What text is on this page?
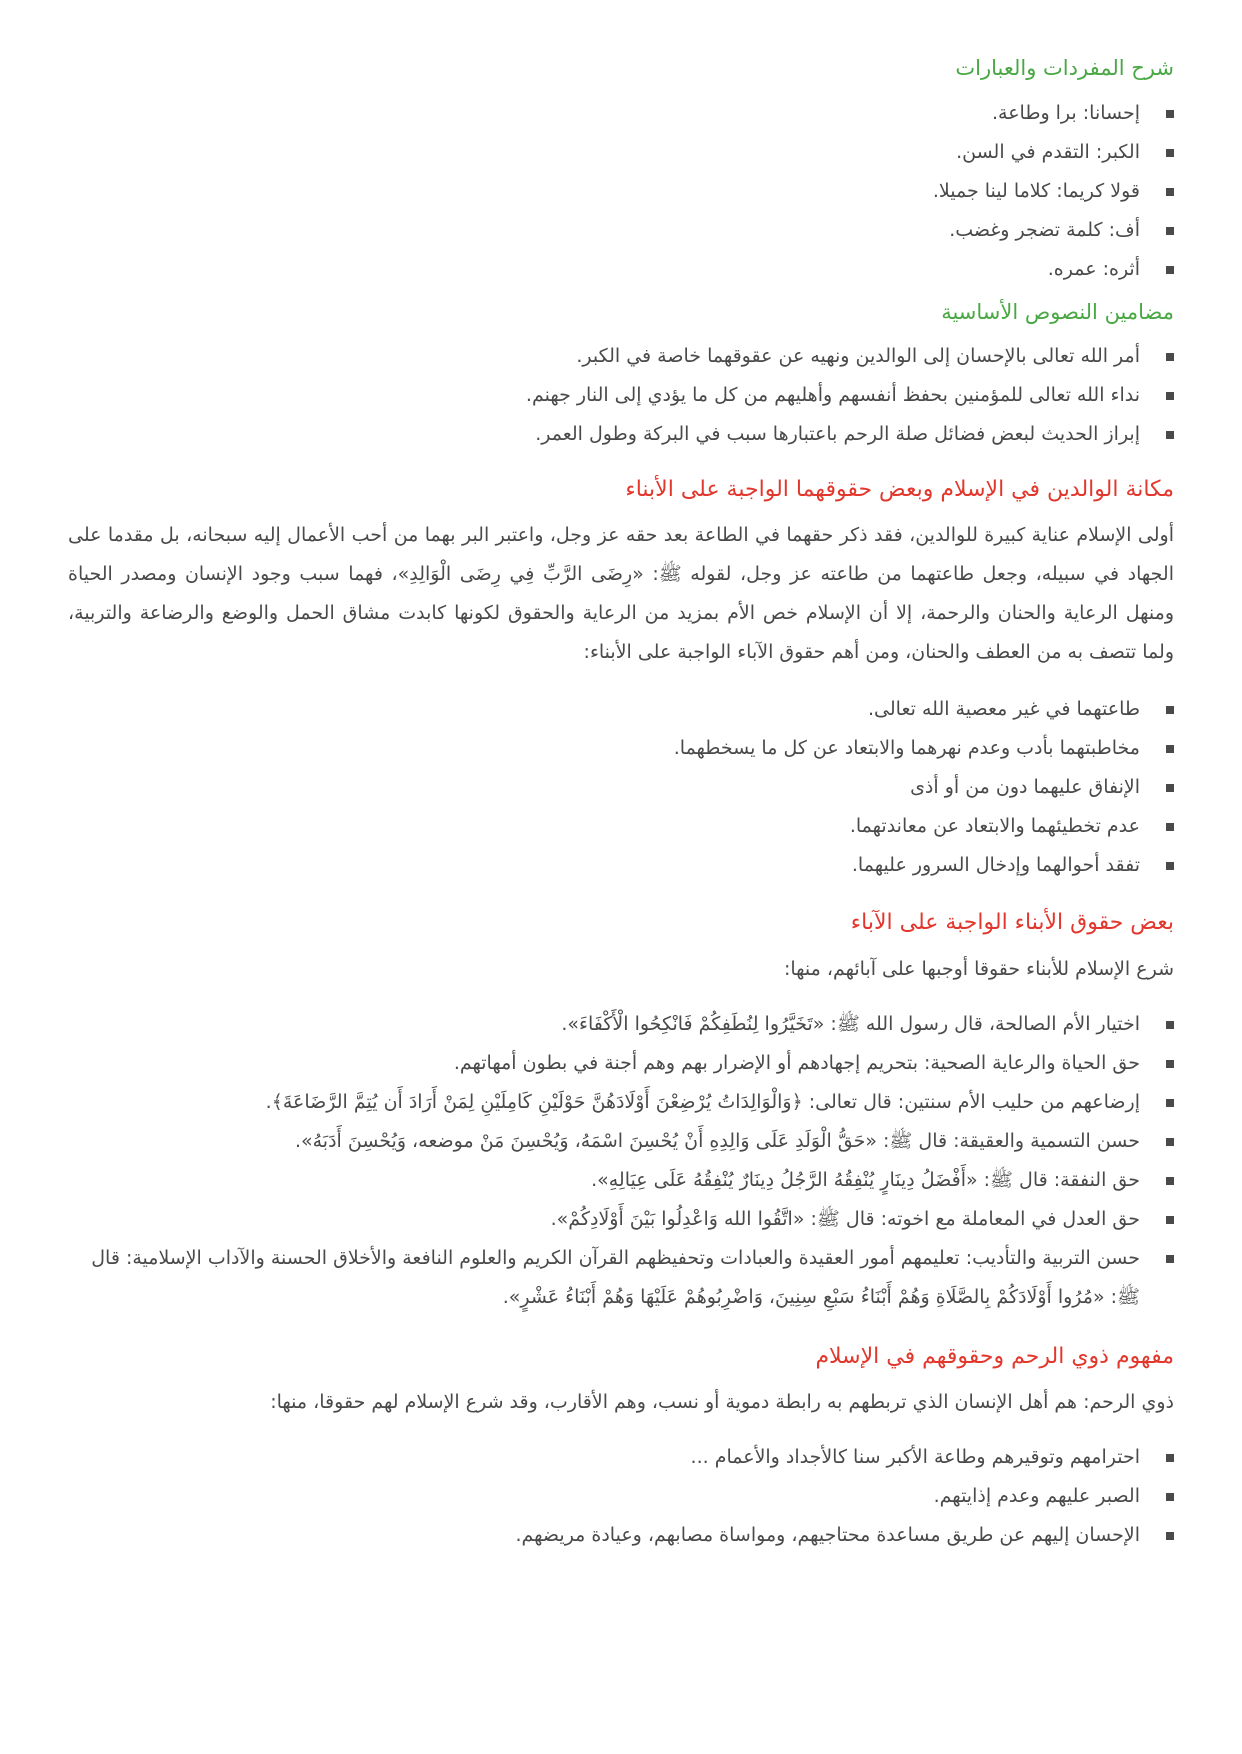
شرح المفردات والعبارات
إحسانا: برا وطاعة.
الكبر: التقدم في السن.
قولا كريما: كلاما لينا جميلا.
أف: كلمة تضجر وغضب.
أثره: عمره.
مضامين النصوص الأساسية
أمر الله تعالى بالإحسان إلى الوالدين ونهيه عن عقوقهما خاصة في الكبر.
نداء الله تعالى للمؤمنين بحفظ أنفسهم وأهليهم من كل ما يؤدي إلى النار جهنم.
إبراز الحديث لبعض فضائل صلة الرحم باعتبارها سبب في البركة وطول العمر.
مكانة الوالدين في الإسلام وبعض حقوقهما الواجبة على الأبناء

أولى الإسلام عناية كبيرة للوالدين، فقد ذكر حقهما في الطاعة بعد حقه عز وجل، واعتبر البر بهما من أحب الأعمال إليه سبحانه، بل مقدما على الجهاد في سبيله، وجعل طاعتهما من طاعته عز وجل، لقوله ﷺ: «رِضَى الرَّبِّ فِي رِضَى الْوَالِدِ»، فهما سبب وجود الإنسان ومصدر الحياة ومنهل الرعاية والحنان والرحمة، إلا أن الإسلام خص الأم بمزيد من الرعاية والحقوق لكونها كابدت مشاق الحمل والوضع والرضاعة والتربية، ولما تتصف به من العطف والحنان، ومن أهم حقوق الآباء الواجبة على الأبناء:

طاعتهما في غير معصية الله تعالى.
مخاطبتهما بأدب وعدم نهرهما والابتعاد عن كل ما يسخطهما.
الإنفاق عليهما دون من أو أذى
عدم تخطيئهما والابتعاد عن معاندتهما.
تفقد أحوالهما وإدخال السرور عليهما.
بعض حقوق الأبناء الواجبة على الآباء

شرع الإسلام للأبناء حقوقا أوجبها على آبائهم، منها:

اختيار الأم الصالحة، قال رسول الله ﷺ: «تَخَيَّرُوا لِنُطَفِكُمْ فَانْكِحُوا الْأَكْفَاءَ».
حق الحياة والرعاية الصحية: بتحريم إجهادهم أو الإضرار بهم وهم أجنة في بطون أمهاتهم.
إرضاعهم من حليب الأم سنتين: قال تعالى: ﴿وَالْوَالِدَاتُ يُرْضِعْنَ أَوْلَادَهُنَّ حَوْلَيْنِ كَامِلَيْنِ لِمَنْ أَرَادَ أَن يُتِمَّ الرَّضَاعَةَ﴾.
حسن التسمية والعقيقة: قال ﷺ: «حَقُّ الْوَلَدِ عَلَى وَالِدِهِ أَنْ يُحْسِنَ اسْمَهُ، وَيُحْسِنَ مَنْ موضعه، وَيُحْسِنَ أَدَبَهُ».
حق النفقة: قال ﷺ: «أَفْضَلُ دِينَارٍ يُنْفِقُهُ الرَّجُلُ دِينَارٌ يُنْفِقُهُ عَلَى عِيَالِهِ».
حق العدل في المعاملة مع اخوته: قال ﷺ: «اتَّقُوا الله وَاعْدِلُوا بَيْنَ أَوْلَادِكُمْ».
حسن التربية والتأديب: تعليمهم أمور العقيدة والعبادات وتحفيظهم القرآن الكريم والعلوم النافعة والأخلاق الحسنة والآداب الإسلامية: قال ﷺ: «مُرُوا أَوْلَادَكُمْ بِالصَّلَاةِ وَهُمْ أَبْنَاءُ سَبْعِ سِنِينَ، وَاضْرِبُوهُمْ عَلَيْهَا وَهُمْ أَبْنَاءُ عَشْرٍ».
مفهوم ذوي الرحم وحقوقهم في الإسلام

ذوي الرحم: هم أهل الإنسان الذي تربطهم به رابطة دموية أو نسب، وهم الأقارب، وقد شرع الإسلام لهم حقوقا، منها:

احترامهم وتوقيرهم وطاعة الأكبر سنا كالأجداد والأعمام ...
الصبر عليهم وعدم إذايتهم.
الإحسان إليهم عن طريق مساعدة محتاجيهم، ومواساة مصابهم، وعيادة مريضهم.
